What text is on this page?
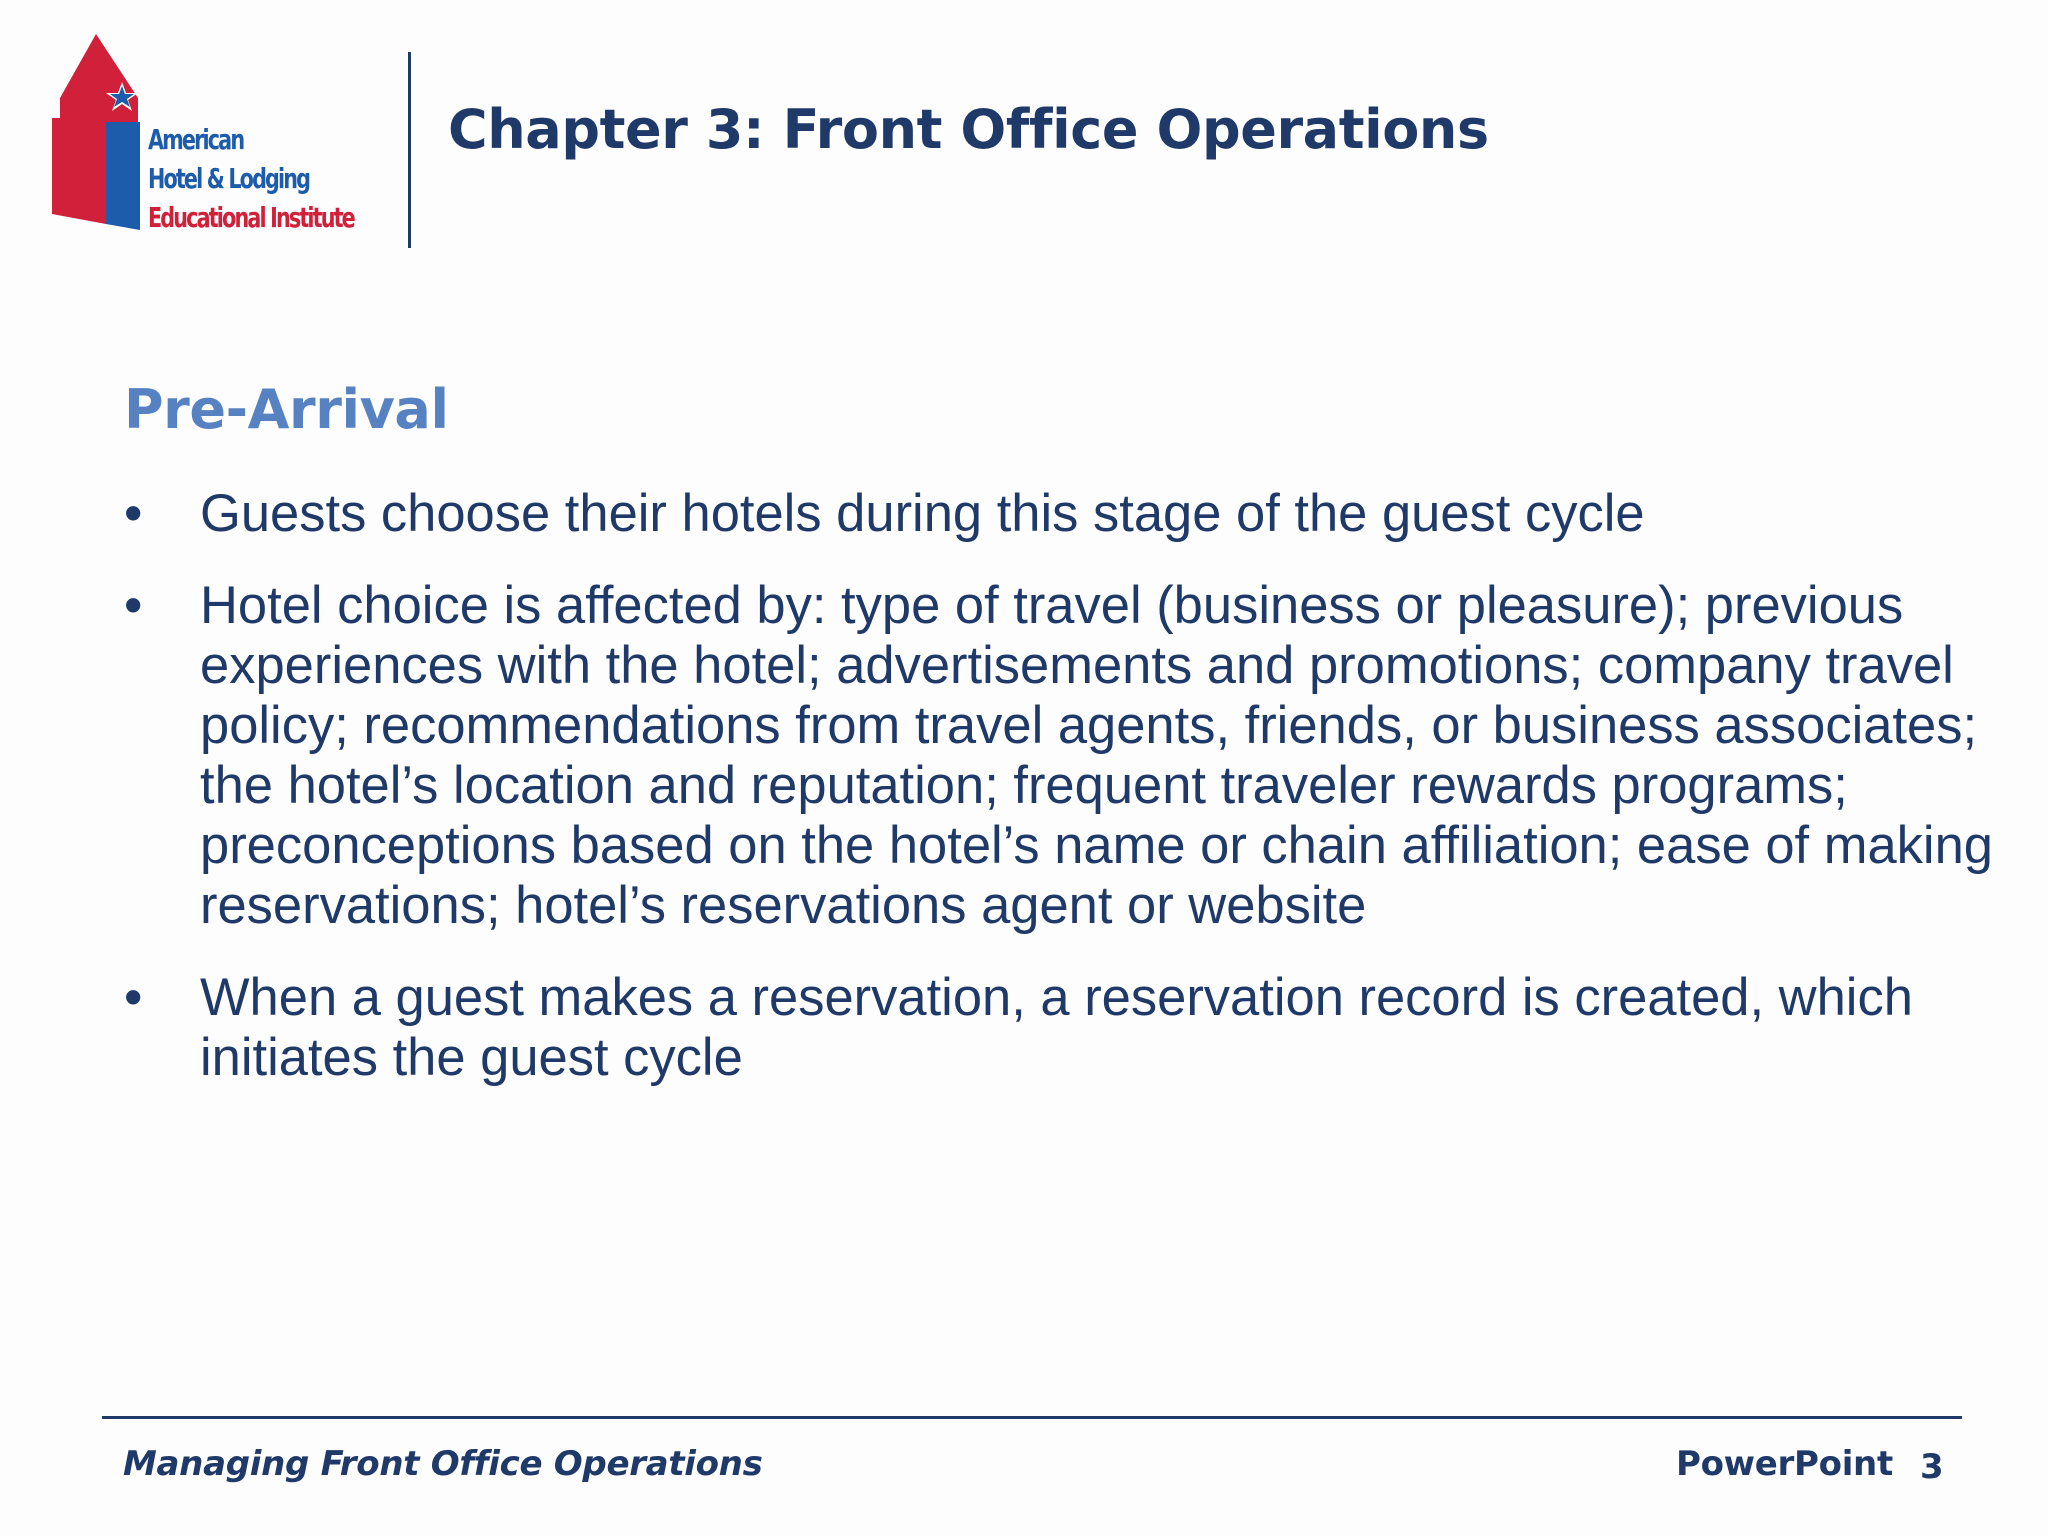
American
Hotel & Lodging
Educational Institute
Chapter 3: Front Office Operations
Pre-Arrival
• Guests choose their hotels during this stage of the guest cycle
• Hotel choice is affected by: type of travel (business or pleasure); previous experiences with the hotel; advertisements and promotions; company travel policy; recommendations from travel agents, friends, or business associates; the hotel’s location and reputation; frequent traveler rewards programs; preconceptions based on the hotel’s name or chain affiliation; ease of making reservations; hotel’s reservations agent or website
• When a guest makes a reservation, a reservation record is created, which initiates the guest cycle
Managing Front Office Operations	PowerPoint 3
